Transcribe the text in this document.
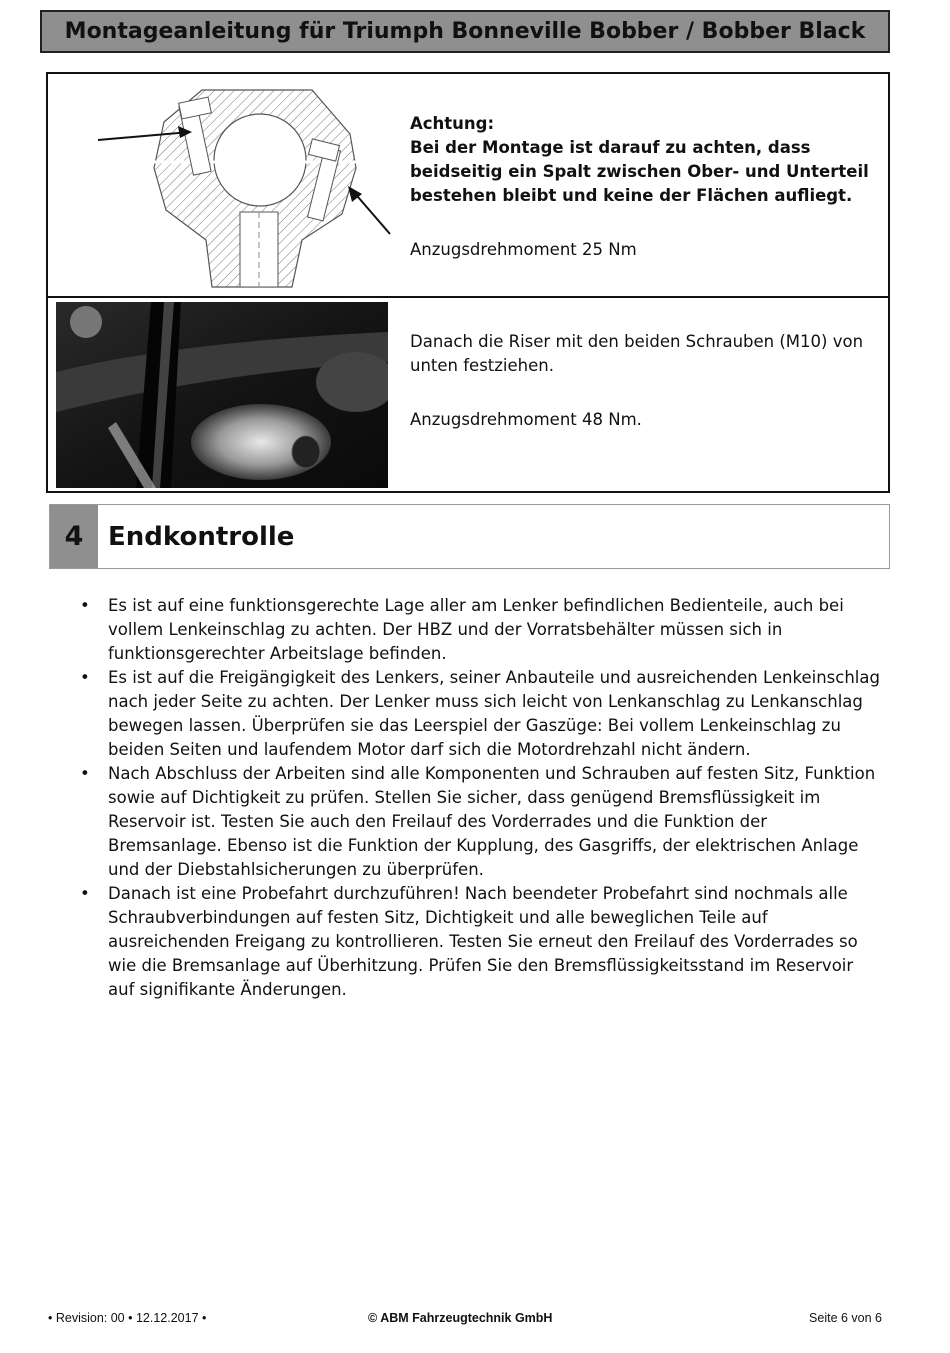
Montageanleitung für Triumph Bonneville Bobber / Bobber Black

Achtung:

Bei der Montage ist darauf zu achten, dass beidseitig ein Spalt zwischen Ober- und Unterteil bestehen bleibt und keine der Flächen aufliegt.

Anzugsdrehmoment 25 Nm

Danach die Riser mit den beiden Schrauben (M10) von unten festziehen.

Anzugsdrehmoment 48 Nm.

4 Endkontrolle
• Es ist auf eine funktionsgerechte Lage aller am Lenker befindlichen Bedienteile, auch bei vollem Lenkeinschlag zu achten. Der HBZ und der Vorratsbehälter müssen sich in funktionsgerechter Arbeitslage befinden.
• Es ist auf die Freigängigkeit des Lenkers, seiner Anbauteile und ausreichenden Lenkeinschlag nach jeder Seite zu achten. Der Lenker muss sich leicht von Lenkanschlag zu Lenkanschlag bewegen lassen. Überprüfen sie das Leerspiel der Gaszüge: Bei vollem Lenkeinschlag zu beiden Seiten und laufendem Motor darf sich die Motordrehzahl nicht ändern.
• Nach Abschluss der Arbeiten sind alle Komponenten und Schrauben auf festen Sitz, Funktion sowie auf Dichtigkeit zu prüfen. Stellen Sie sicher, dass genügend Bremsflüssigkeit im Reservoir ist. Testen Sie auch den Freilauf des Vorderrades und die Funktion der Bremsanlage. Ebenso ist die Funktion der Kupplung, des Gasgriffs, der elektrischen Anlage und der Diebstahlsicherungen zu überprüfen.
• Danach ist eine Probefahrt durchzuführen! Nach beendeter Probefahrt sind nochmals alle Schraubverbindungen auf festen Sitz, Dichtigkeit und alle beweglichen Teile auf ausreichenden Freigang zu kontrollieren. Testen Sie erneut den Freilauf des Vorderrades so wie die Bremsanlage auf Überhitzung. Prüfen Sie den Bremsflüssigkeitsstand im Reservoir auf signifikante Änderungen.
• Revision: 00 • 12.12.2017 •	© ABM Fahrzeugtechnik GmbH	Seite 6 von 6
